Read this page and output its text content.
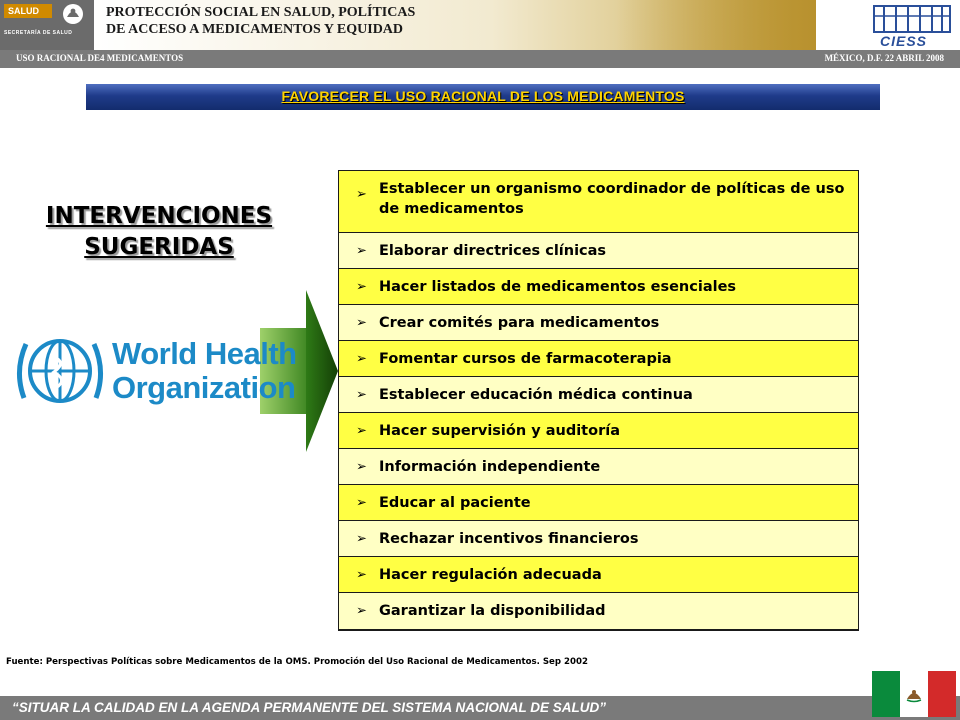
SALUD
SECRETARÍA DE SALUD
PROTECCIÓN SOCIAL EN SALUD, POLÍTICAS
DE ACCESO A MEDICAMENTOS Y EQUIDAD
CIESS
USO RACIONAL DE4 MEDICAMENTOS	MÉXICO, D.F. 22 ABRIL 2008
FAVORECER EL USO RACIONAL DE LOS MEDICAMENTOS
INTERVENCIONES
SUGERIDAS
World Health
Organization
➢ Establecer un organismo coordinador de políticas de uso de medicamentos
➢ Elaborar directrices clínicas
➢ Hacer listados de medicamentos esenciales
➢ Crear comités para medicamentos
➢ Fomentar cursos de farmacoterapia
➢ Establecer educación médica continua
➢ Hacer supervisión y auditoría
➢ Información independiente
➢ Educar al paciente
➢ Rechazar incentivos financieros
➢ Hacer regulación adecuada
➢ Garantizar la disponibilidad
Fuente: Perspectivas Políticas sobre Medicamentos de la OMS. Promoción del Uso Racional de Medicamentos. Sep 2002
“SITUAR LA CALIDAD EN LA AGENDA PERMANENTE DEL SISTEMA NACIONAL DE SALUD”
